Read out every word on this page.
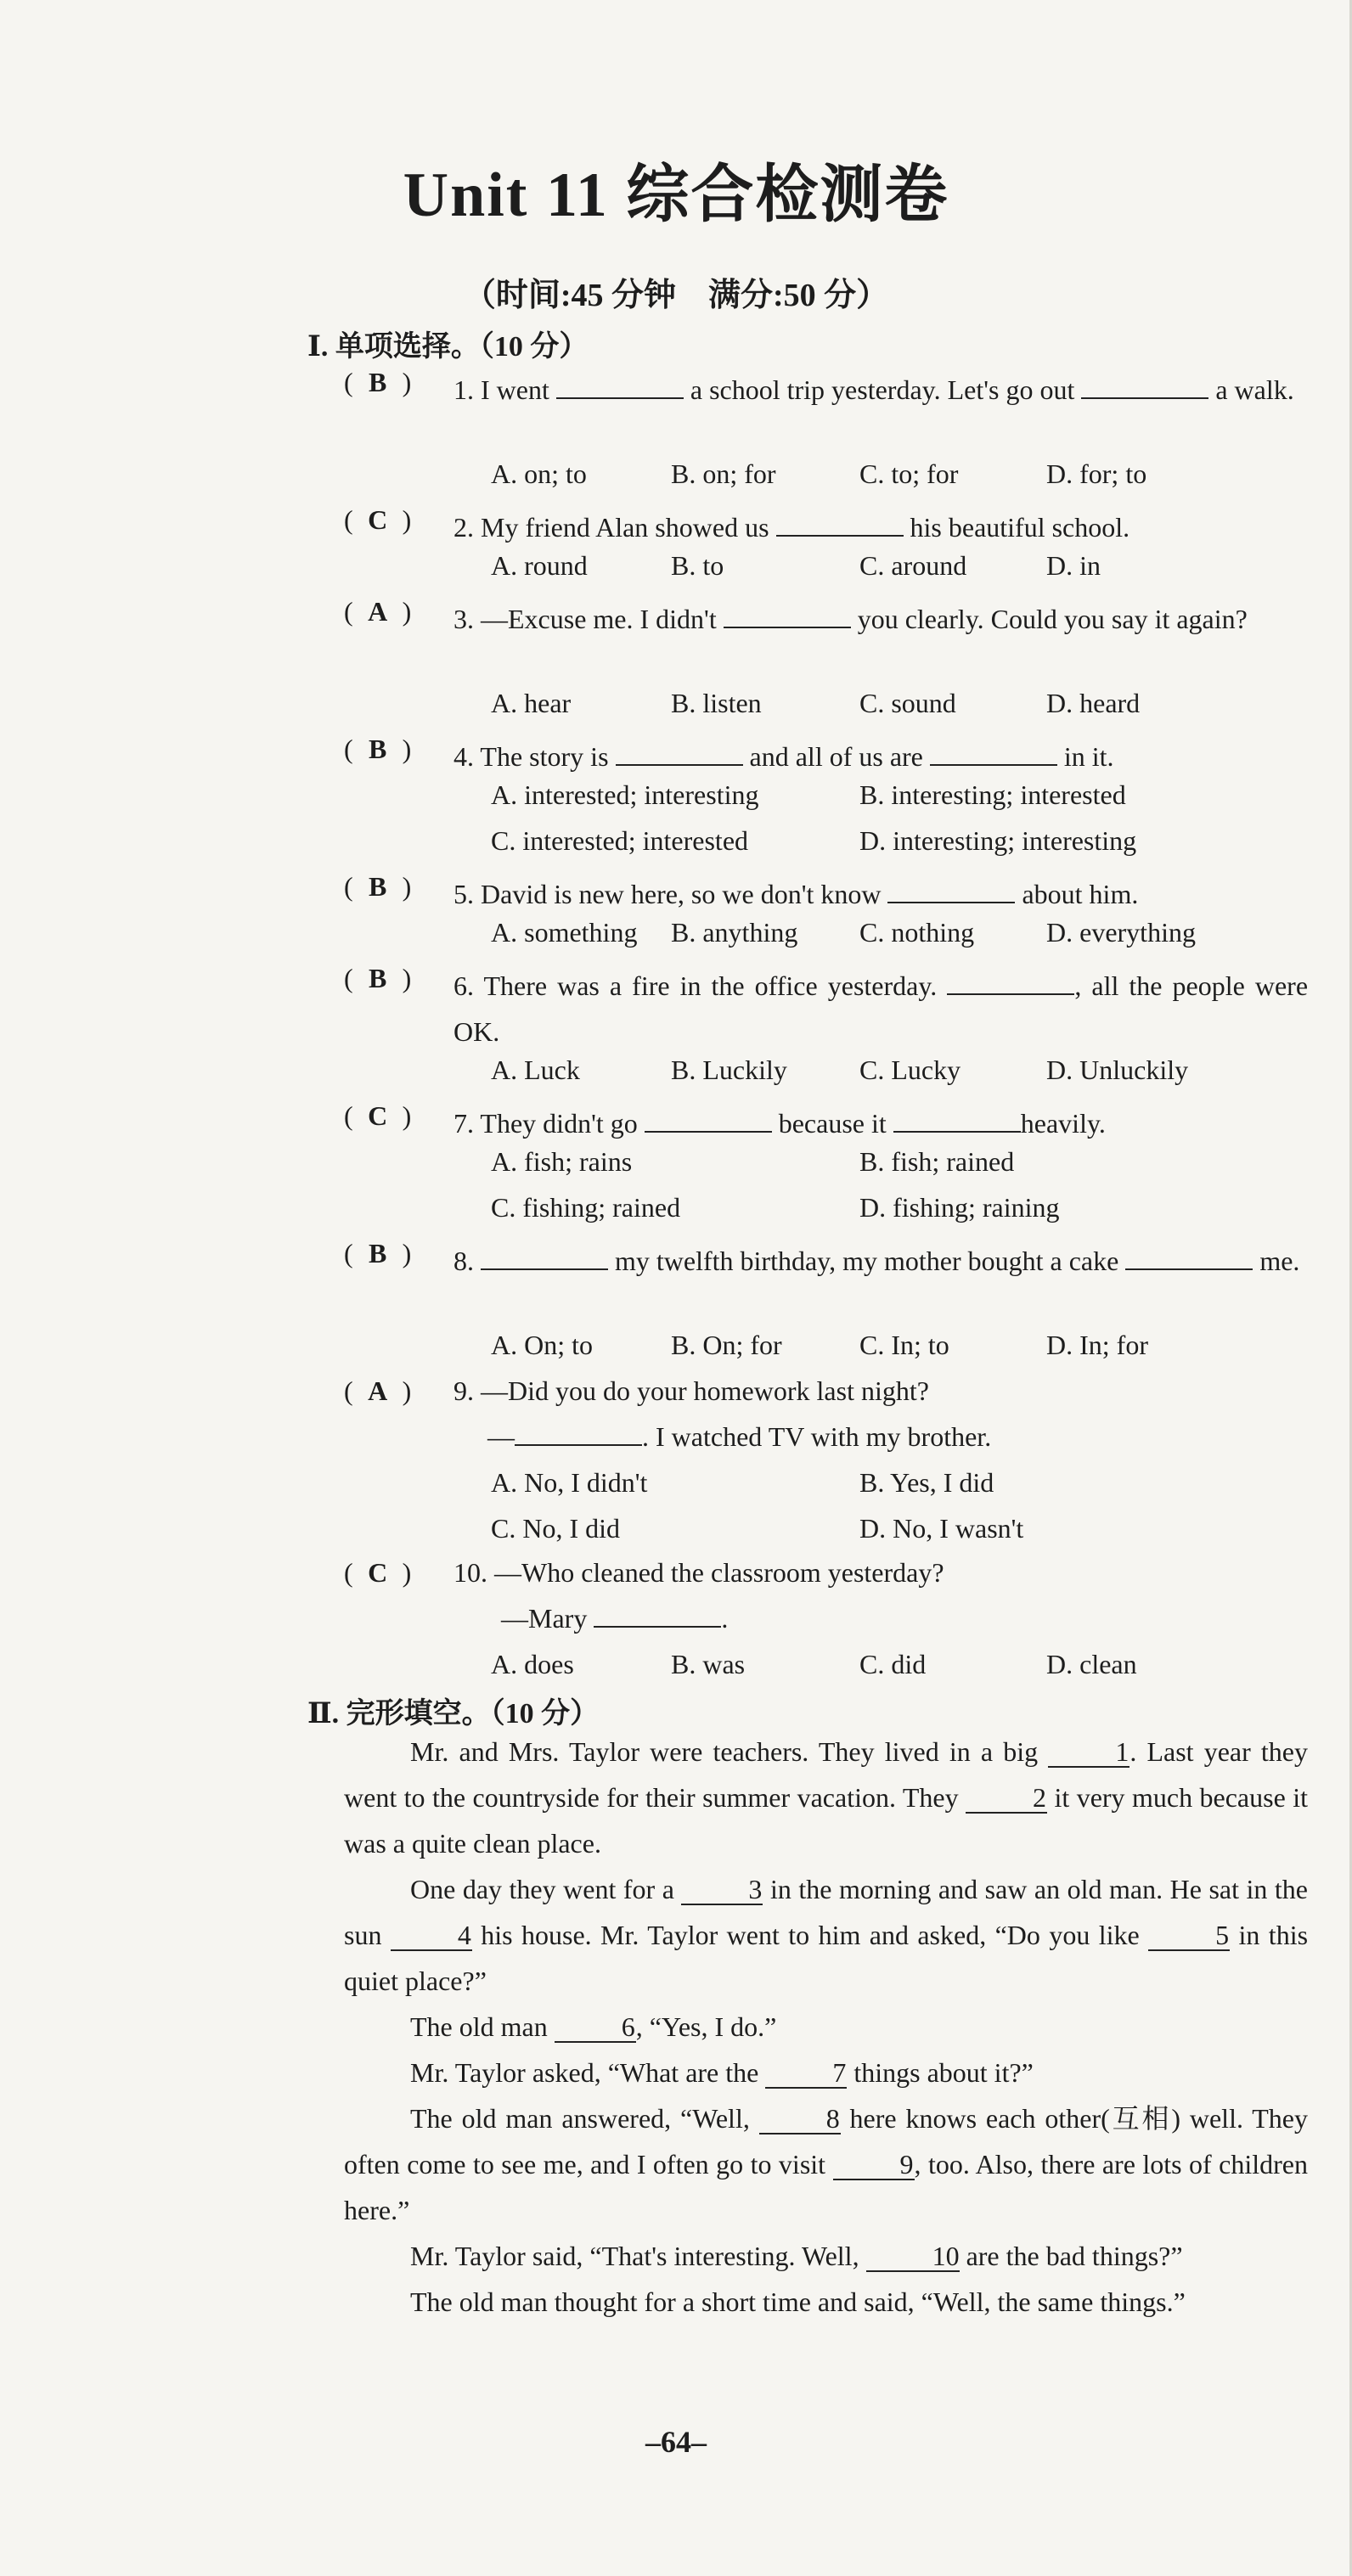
Unit 11 综合检测卷
（时间:45 分钟　满分:50 分）
Ⅰ. 单项选择。（10 分）
( B ) 1. I went	a school trip yesterday. Let's go out	a walk.
A. on; to	B. on; for	C. to; for	D. for; to
( C ) 2. My friend Alan showed us	his beautiful school.
A. round	B. to	C. around	D. in
( A ) 3. —Excuse me. I didn't	you clearly. Could you say it again?
A. hear	B. listen	C. sound	D. heard
( B ) 4. The story is	and all of us are	in it.
A. interested; interesting	B. interesting; interested
C. interested; interested	D. interesting; interesting
( B ) 5. David is new here, so we don't know	about him.
A. something B. anything C. nothing	D. everything
( B ) 6. There was a fire in the office yesterday.	, all the people were OK.
A. Luck	B. Luckily	C. Lucky	D. Unluckily
( C ) 7. They didn't go	because it	heavily.
A. fish; rains	B. fish; rained
C. fishing; rained	D. fishing; raining
( B ) 8.	my twelfth birthday, my mother bought a cake	me.
A. On; to	B. On; for	C. In; to	D. In; for
( A ) 9. —Did you do your homework last night?
—	. I watched TV with my brother.
A. No, I didn't	B. Yes, I did
C. No, I did	D. No, I wasn't
( C ) 10. —Who cleaned the classroom yesterday?
—Mary	.
A. does	B. was	C. did	D. clean
Ⅱ. 完形填空。（10 分）
Mr. and Mrs. Taylor were teachers. They lived in a big	1. Last year they went to the countryside for their summer vacation. They	2 it very much because it was a quite clean place.
One day they went for a	3 in the morning and saw an old man. He sat in the sun	4 his house. Mr. Taylor went to him and asked, “Do you like	5 in this quiet place?”
The old man	6, “Yes, I do.”
Mr. Taylor asked, “What are the	7 things about it?”
The old man answered, “Well,	8 here knows each other(互相) well. They often come to see me, and I often go to visit	9, too. Also, there are lots of children here.”
Mr. Taylor said, “That's interesting. Well,	10 are the bad things?”
The old man thought for a short time and said, “Well, the same things.”
–64–
